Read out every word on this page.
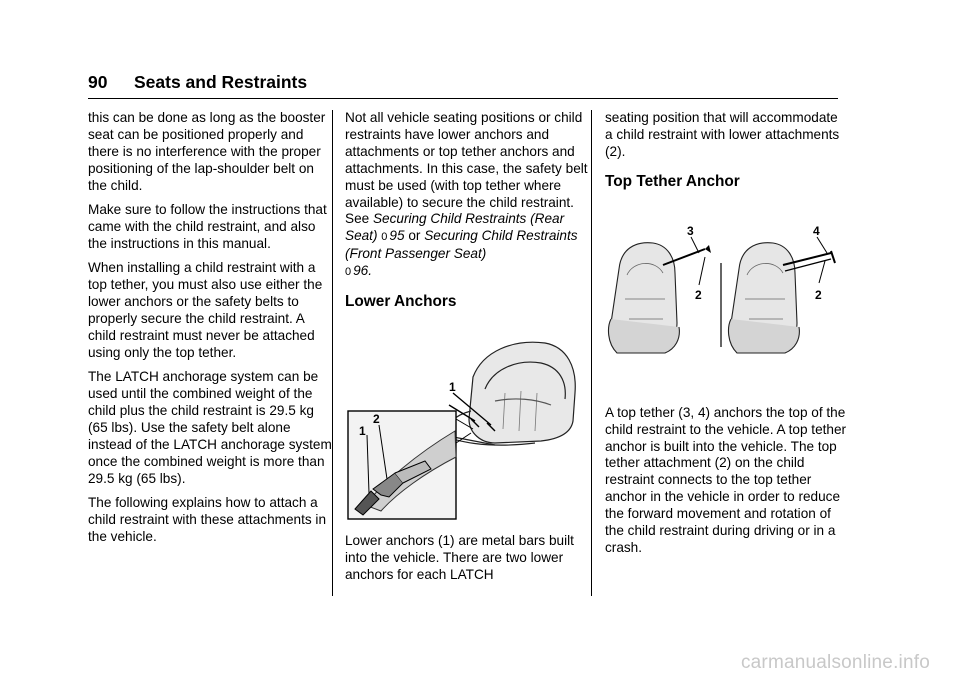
90 Seats and Restraints

this can be done as long as the booster seat can be positioned properly and there is no interference with the proper positioning of the lap-shoulder belt on the child.

Make sure to follow the instructions that came with the child restraint, and also the instructions in this manual.

When installing a child restraint with a top tether, you must also use either the lower anchors or the safety belts to properly secure the child restraint. A child restraint must never be attached using only the top tether.

The LATCH anchorage system can be used until the combined weight of the child plus the child restraint is 29.5 kg (65 lbs). Use the safety belt alone instead of the LATCH anchorage system once the combined weight is more than 29.5 kg (65 lbs).

The following explains how to attach a child restraint with these attachments in the vehicle.

Not all vehicle seating positions or child restraints have lower anchors and attachments or top tether anchors and attachments. In this case, the safety belt must be used (with top tether where available) to secure the child restraint. See Securing Child Restraints (Rear Seat) 0 95 or Securing Child Restraints (Front Passenger Seat)
0 96.

Lower Anchors
1
1
2

Lower anchors (1) are metal bars built into the vehicle. There are two lower anchors for each LATCH

seating position that will accommodate a child restraint with lower attachments (2).

Top Tether Anchor
3
2
4
2

A top tether (3, 4) anchors the top of the child restraint to the vehicle. A top tether anchor is built into the vehicle. The top tether attachment (2) on the child restraint connects to the top tether anchor in the vehicle in order to reduce the forward movement and rotation of the child restraint during driving or in a crash.

carmanualsonline.info
